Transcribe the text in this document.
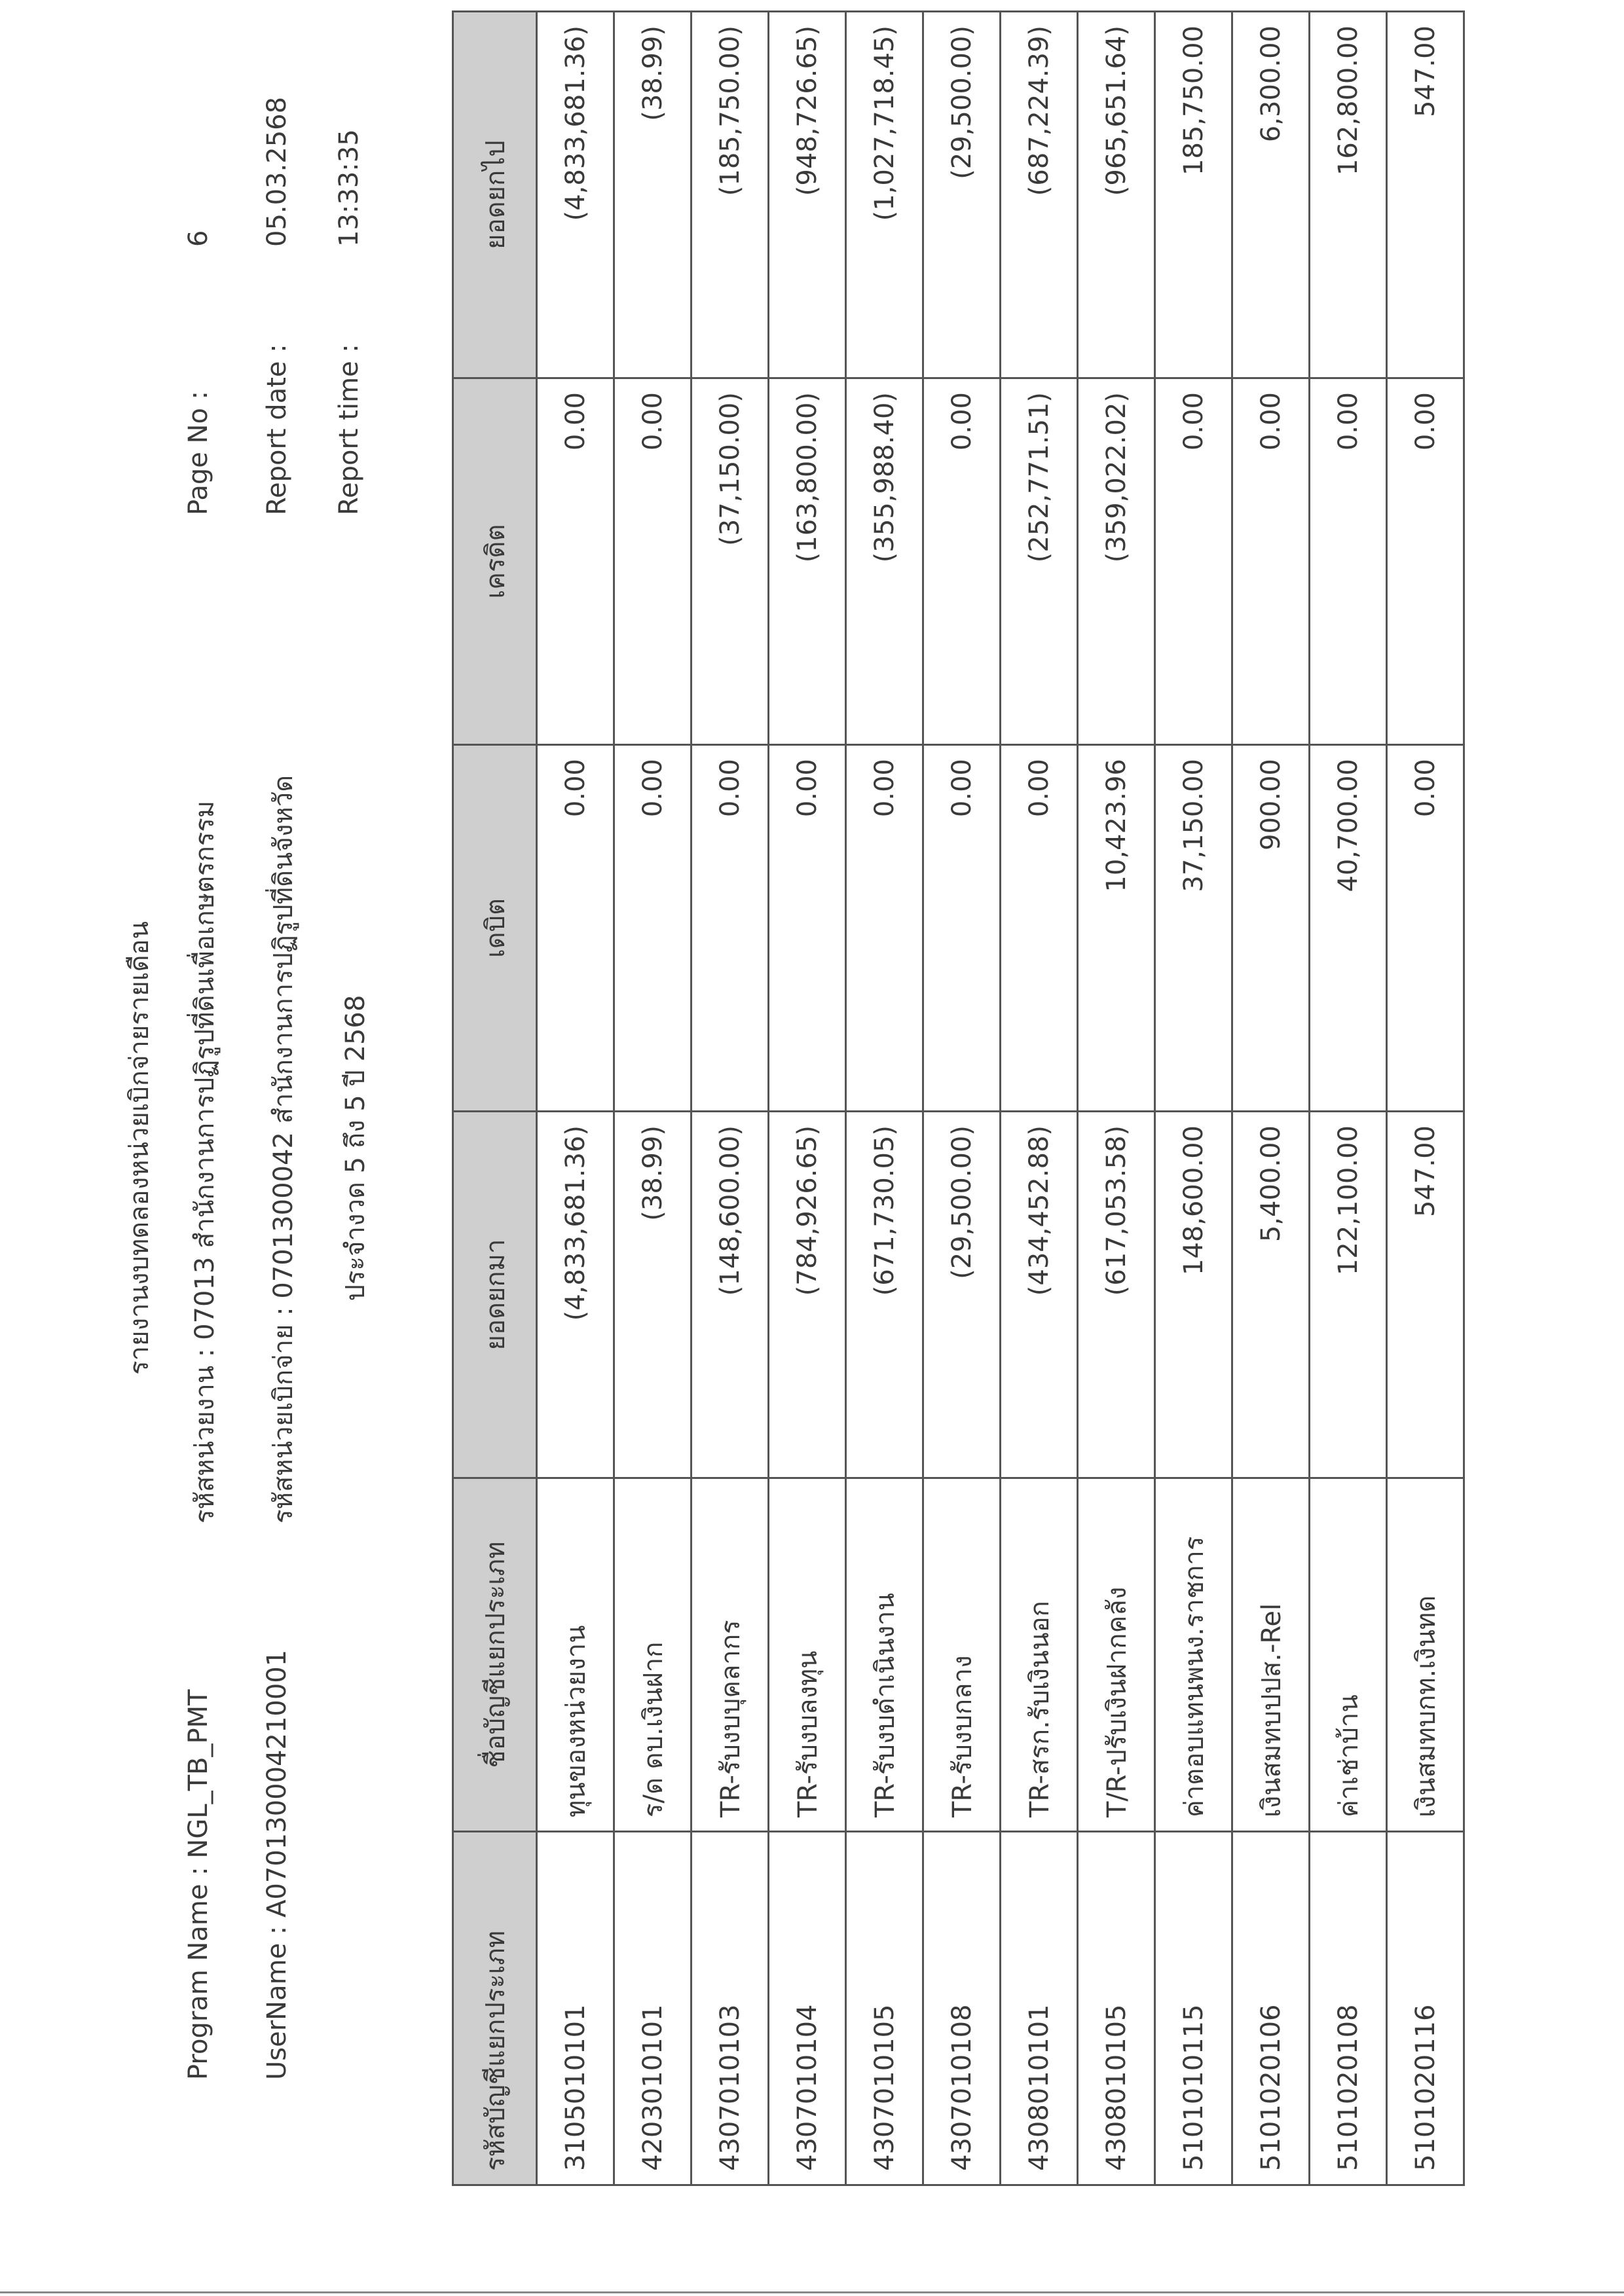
รายงานงบทดลองหน่วยเบิกจ่ายรายเดือน
Program Name : NGL_TB_PMT
รหัสหน่วยงาน : 07013 สำนักงานการปฏิรูปที่ดินเพื่อเกษตรกรรม
Page No :
6
UserName : A070130004210001
รหัสหน่วยเบิกจ่าย : 0701300042 สำนักงานการปฏิรูปที่ดินจังหวัด
Report date :
05.03.2568
ประจำงวด 5 ถึง 5 ปี 2568
Report time :
13:33:35
รหัสบัญชีแยกประเภท	ชื่อบัญชีแยกประเภท	ยอดยกมา	เดบิต	เครดิต	ยอดยกไป
3105010101	ทุนของหน่วยงาน	(4,833,681.36)	0.00	0.00	(4,833,681.36)
4203010101	ร/ด ดบ.เงินฝาก	(38.99)	0.00	0.00	(38.99)
4307010103	TR-รับงบบุคลากร	(148,600.00)	0.00	(37,150.00)	(185,750.00)
4307010104	TR-รับงบลงทุน	(784,926.65)	0.00	(163,800.00)	(948,726.65)
4307010105	TR-รับงบดำเนินงาน	(671,730.05)	0.00	(355,988.40)	(1,027,718.45)
4307010108	TR-รับงบกลาง	(29,500.00)	0.00	0.00	(29,500.00)
4308010101	TR-สรก.รับเงินนอก	(434,452.88)	0.00	(252,771.51)	(687,224.39)
4308010105	T/R-ปรับเงินฝากคลัง	(617,053.58)	10,423.96	(359,022.02)	(965,651.64)
5101010115	ค่าตอบแทนพนง.ราชการ	148,600.00	37,150.00	0.00	185,750.00
5101020106	เงินสมทบปปส.-Rel	5,400.00	900.00	0.00	6,300.00
5101020108	ค่าเช่าบ้าน	122,100.00	40,700.00	0.00	162,800.00
5101020116	เงินสมทบกท.เงินทด	547.00	0.00	0.00	547.00
